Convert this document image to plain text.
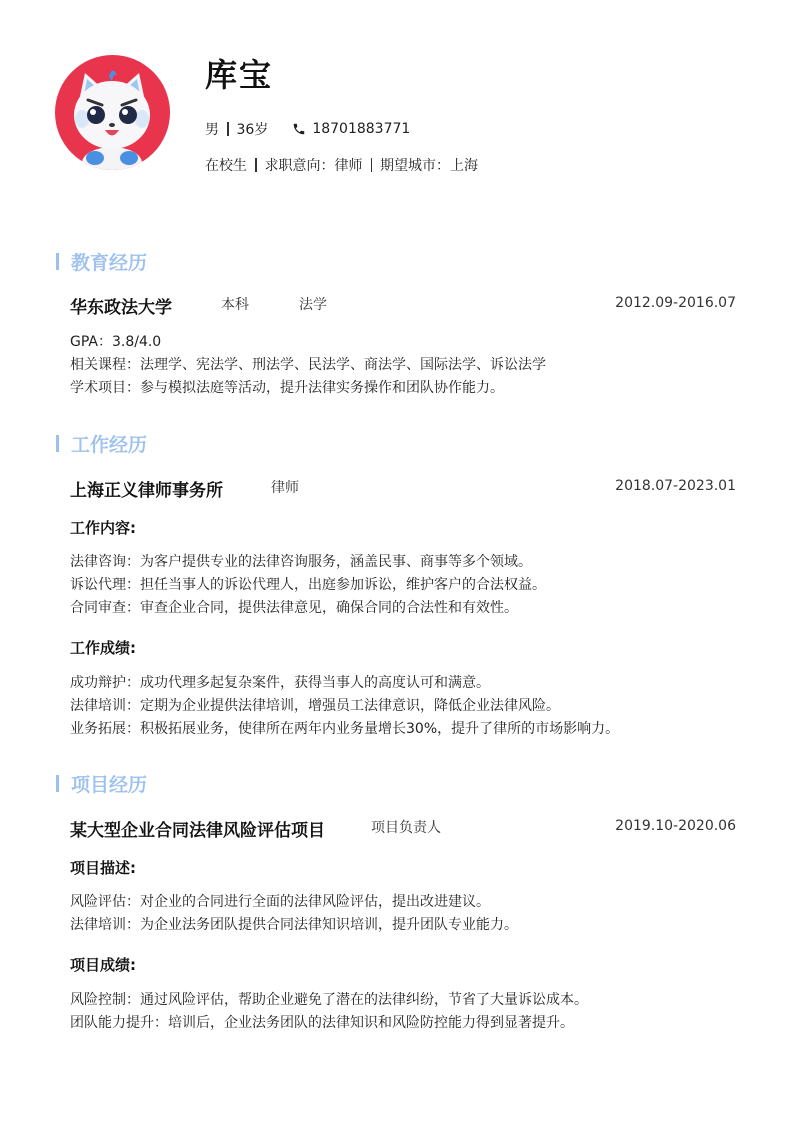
库宝
男 36岁	18701883771
在校生 求职意向：律师 期望城市：上海
教育经历
华东政法大学	本科	法学	2012.09-2016.07
GPA：3.8/4.0
相关课程：法理学、宪法学、刑法学、民法学、商法学、国际法学、诉讼法学
学术项目：参与模拟法庭等活动，提升法律实务操作和团队协作能力。
工作经历
上海正义律师事务所	律师	2018.07-2023.01
工作内容:
法律咨询：为客户提供专业的法律咨询服务，涵盖民事、商事等多个领域。
诉讼代理：担任当事人的诉讼代理人，出庭参加诉讼，维护客户的合法权益。
合同审查：审查企业合同，提供法律意见，确保合同的合法性和有效性。
工作成绩:
成功辩护：成功代理多起复杂案件，获得当事人的高度认可和满意。
法律培训：定期为企业提供法律培训，增强员工法律意识，降低企业法律风险。
业务拓展：积极拓展业务，使律所在两年内业务量增长30%，提升了律所的市场影响力。
项目经历
某大型企业合同法律风险评估项目	项目负责人	2019.10-2020.06
项目描述:
风险评估：对企业的合同进行全面的法律风险评估，提出改进建议。
法律培训：为企业法务团队提供合同法律知识培训，提升团队专业能力。
项目成绩:
风险控制：通过风险评估，帮助企业避免了潜在的法律纠纷，节省了大量诉讼成本。
团队能力提升：培训后，企业法务团队的法律知识和风险防控能力得到显著提升。
